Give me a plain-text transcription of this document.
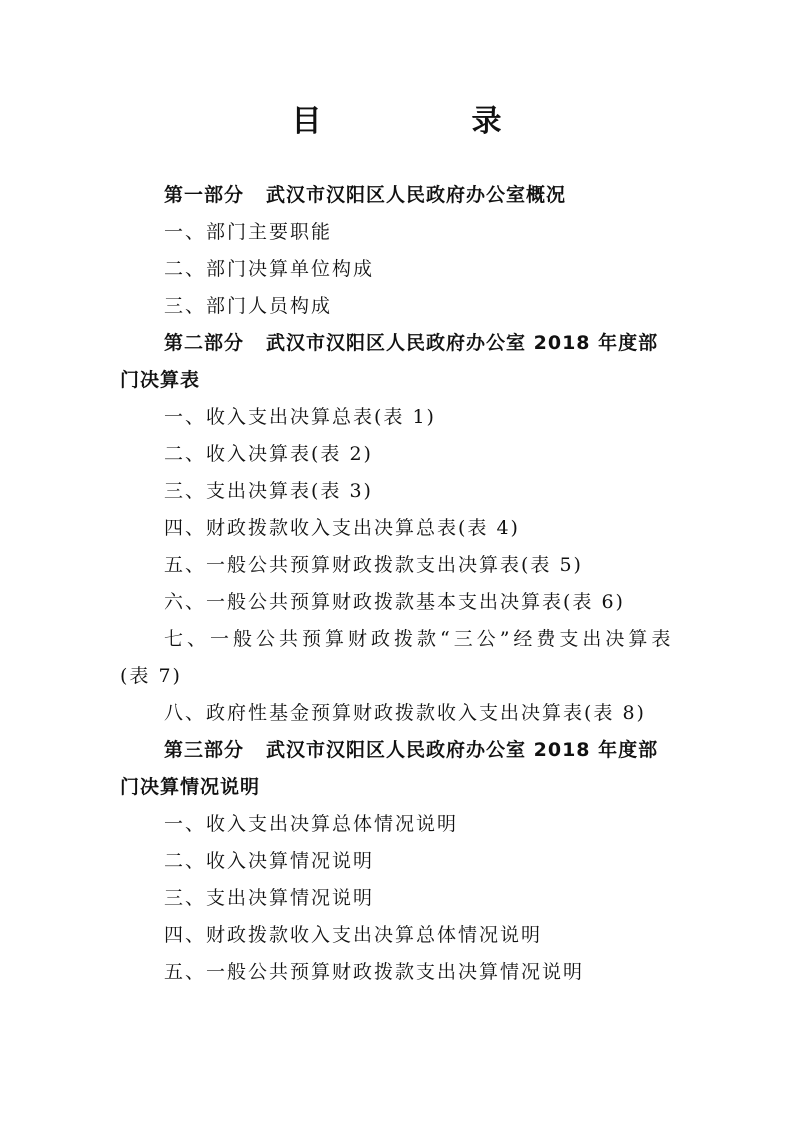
目　录
第一部分 武汉市汉阳区人民政府办公室概况
一、部门主要职能
二、部门决算单位构成
三、部门人员构成
第二部分 武汉市汉阳区人民政府办公室 2018 年度部
门决算表
一、收入支出决算总表(表 1)
二、收入决算表(表 2)
三、支出决算表(表 3)
四、财政拨款收入支出决算总表(表 4)
五、一般公共预算财政拨款支出决算表(表 5)
六、一般公共预算财政拨款基本支出决算表(表 6)
七、一般公共预算财政拨款“三公”经费支出决算表
(表 7)
八、政府性基金预算财政拨款收入支出决算表(表 8)
第三部分 武汉市汉阳区人民政府办公室 2018 年度部
门决算情况说明
一、收入支出决算总体情况说明
二、收入决算情况说明
三、支出决算情况说明
四、财政拨款收入支出决算总体情况说明
五、一般公共预算财政拨款支出决算情况说明
